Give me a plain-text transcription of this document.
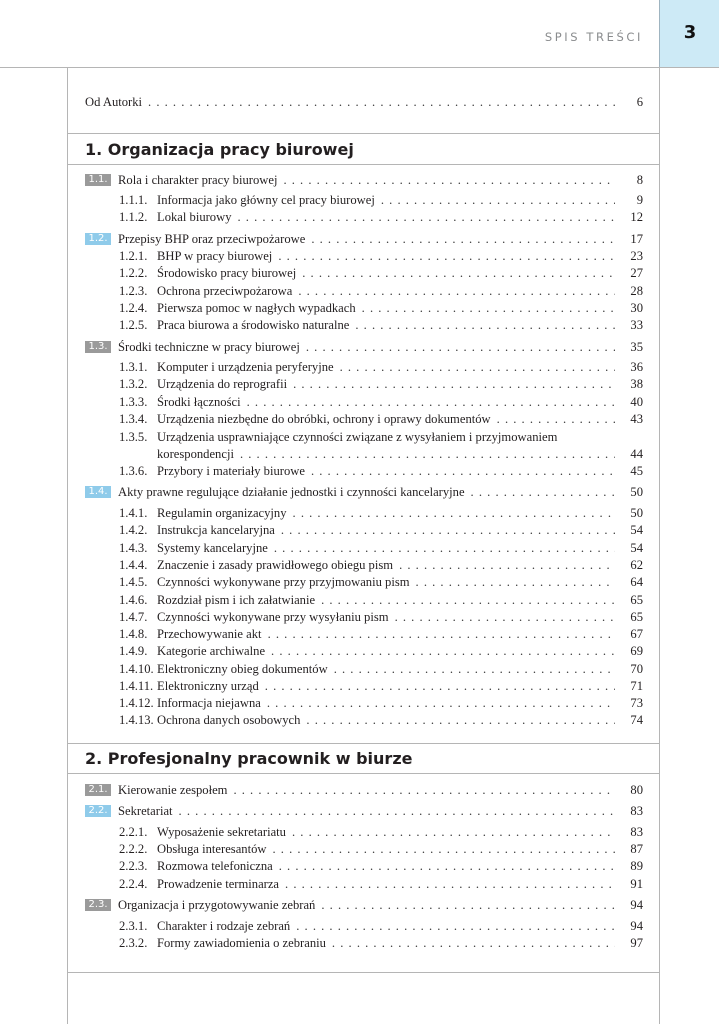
SPIS TREŚCI	3
Od Autorki . . .	6
1. Organizacja pracy biurowej
1.1. Rola i charakter pracy biurowej . . .	8
1.1.1. Informacja jako główny cel pracy biurowej . . .	9
1.1.2. Lokal biurowy . . .	12
1.2. Przepisy BHP oraz przeciwpożarowe . . .	17
1.2.1. BHP w pracy biurowej . . .	23
1.2.2. Środowisko pracy biurowej . . .	27
1.2.3. Ochrona przeciwpożarowa . . .	28
1.2.4. Pierwsza pomoc w nagłych wypadkach . . .	30
1.2.5. Praca biurowa a środowisko naturalne . . .	33
1.3. Środki techniczne w pracy biurowej . . .	35
1.3.1. Komputer i urządzenia peryferyjne . . .	36
1.3.2. Urządzenia do reprografii . . .	38
1.3.3. Środki łączności . . .	40
1.3.4. Urządzenia niezbędne do obróbki, ochrony i oprawy dokumentów . . .	43
1.3.5. Urządzenia usprawniające czynności związane z wysyłaniem i przyjmowaniem
korespondencji . . .	44
1.3.6. Przybory i materiały biurowe . . .	45
1.4. Akty prawne regulujące działanie jednostki i czynności kancelaryjne . . .	50
1.4.1. Regulamin organizacyjny . . .	50
1.4.2. Instrukcja kancelaryjna . . .	54
1.4.3. Systemy kancelaryjne . . .	54
1.4.4. Znaczenie i zasady prawidłowego obiegu pism . . .	62
1.4.5. Czynności wykonywane przy przyjmowaniu pism . . .	64
1.4.6. Rozdział pism i ich załatwianie . . .	65
1.4.7. Czynności wykonywane przy wysyłaniu pism . . .	65
1.4.8. Przechowywanie akt . . .	67
1.4.9. Kategorie archiwalne . . .	69
1.4.10. Elektroniczny obieg dokumentów . . .	70
1.4.11. Elektroniczny urząd . . .	71
1.4.12. Informacja niejawna . . .	73
1.4.13. Ochrona danych osobowych . . .	74
2. Profesjonalny pracownik w biurze
2.1. Kierowanie zespołem . . .	80
2.2. Sekretariat . . .	83
2.2.1. Wyposażenie sekretariatu . . .	83
2.2.2. Obsługa interesantów . . .	87
2.2.3. Rozmowa telefoniczna . . .	89
2.2.4. Prowadzenie terminarza . . .	91
2.3. Organizacja i przygotowywanie zebrań . . .	94
2.3.1. Charakter i rodzaje zebrań . . .	94
2.3.2. Formy zawiadomienia o zebraniu . . .	97
